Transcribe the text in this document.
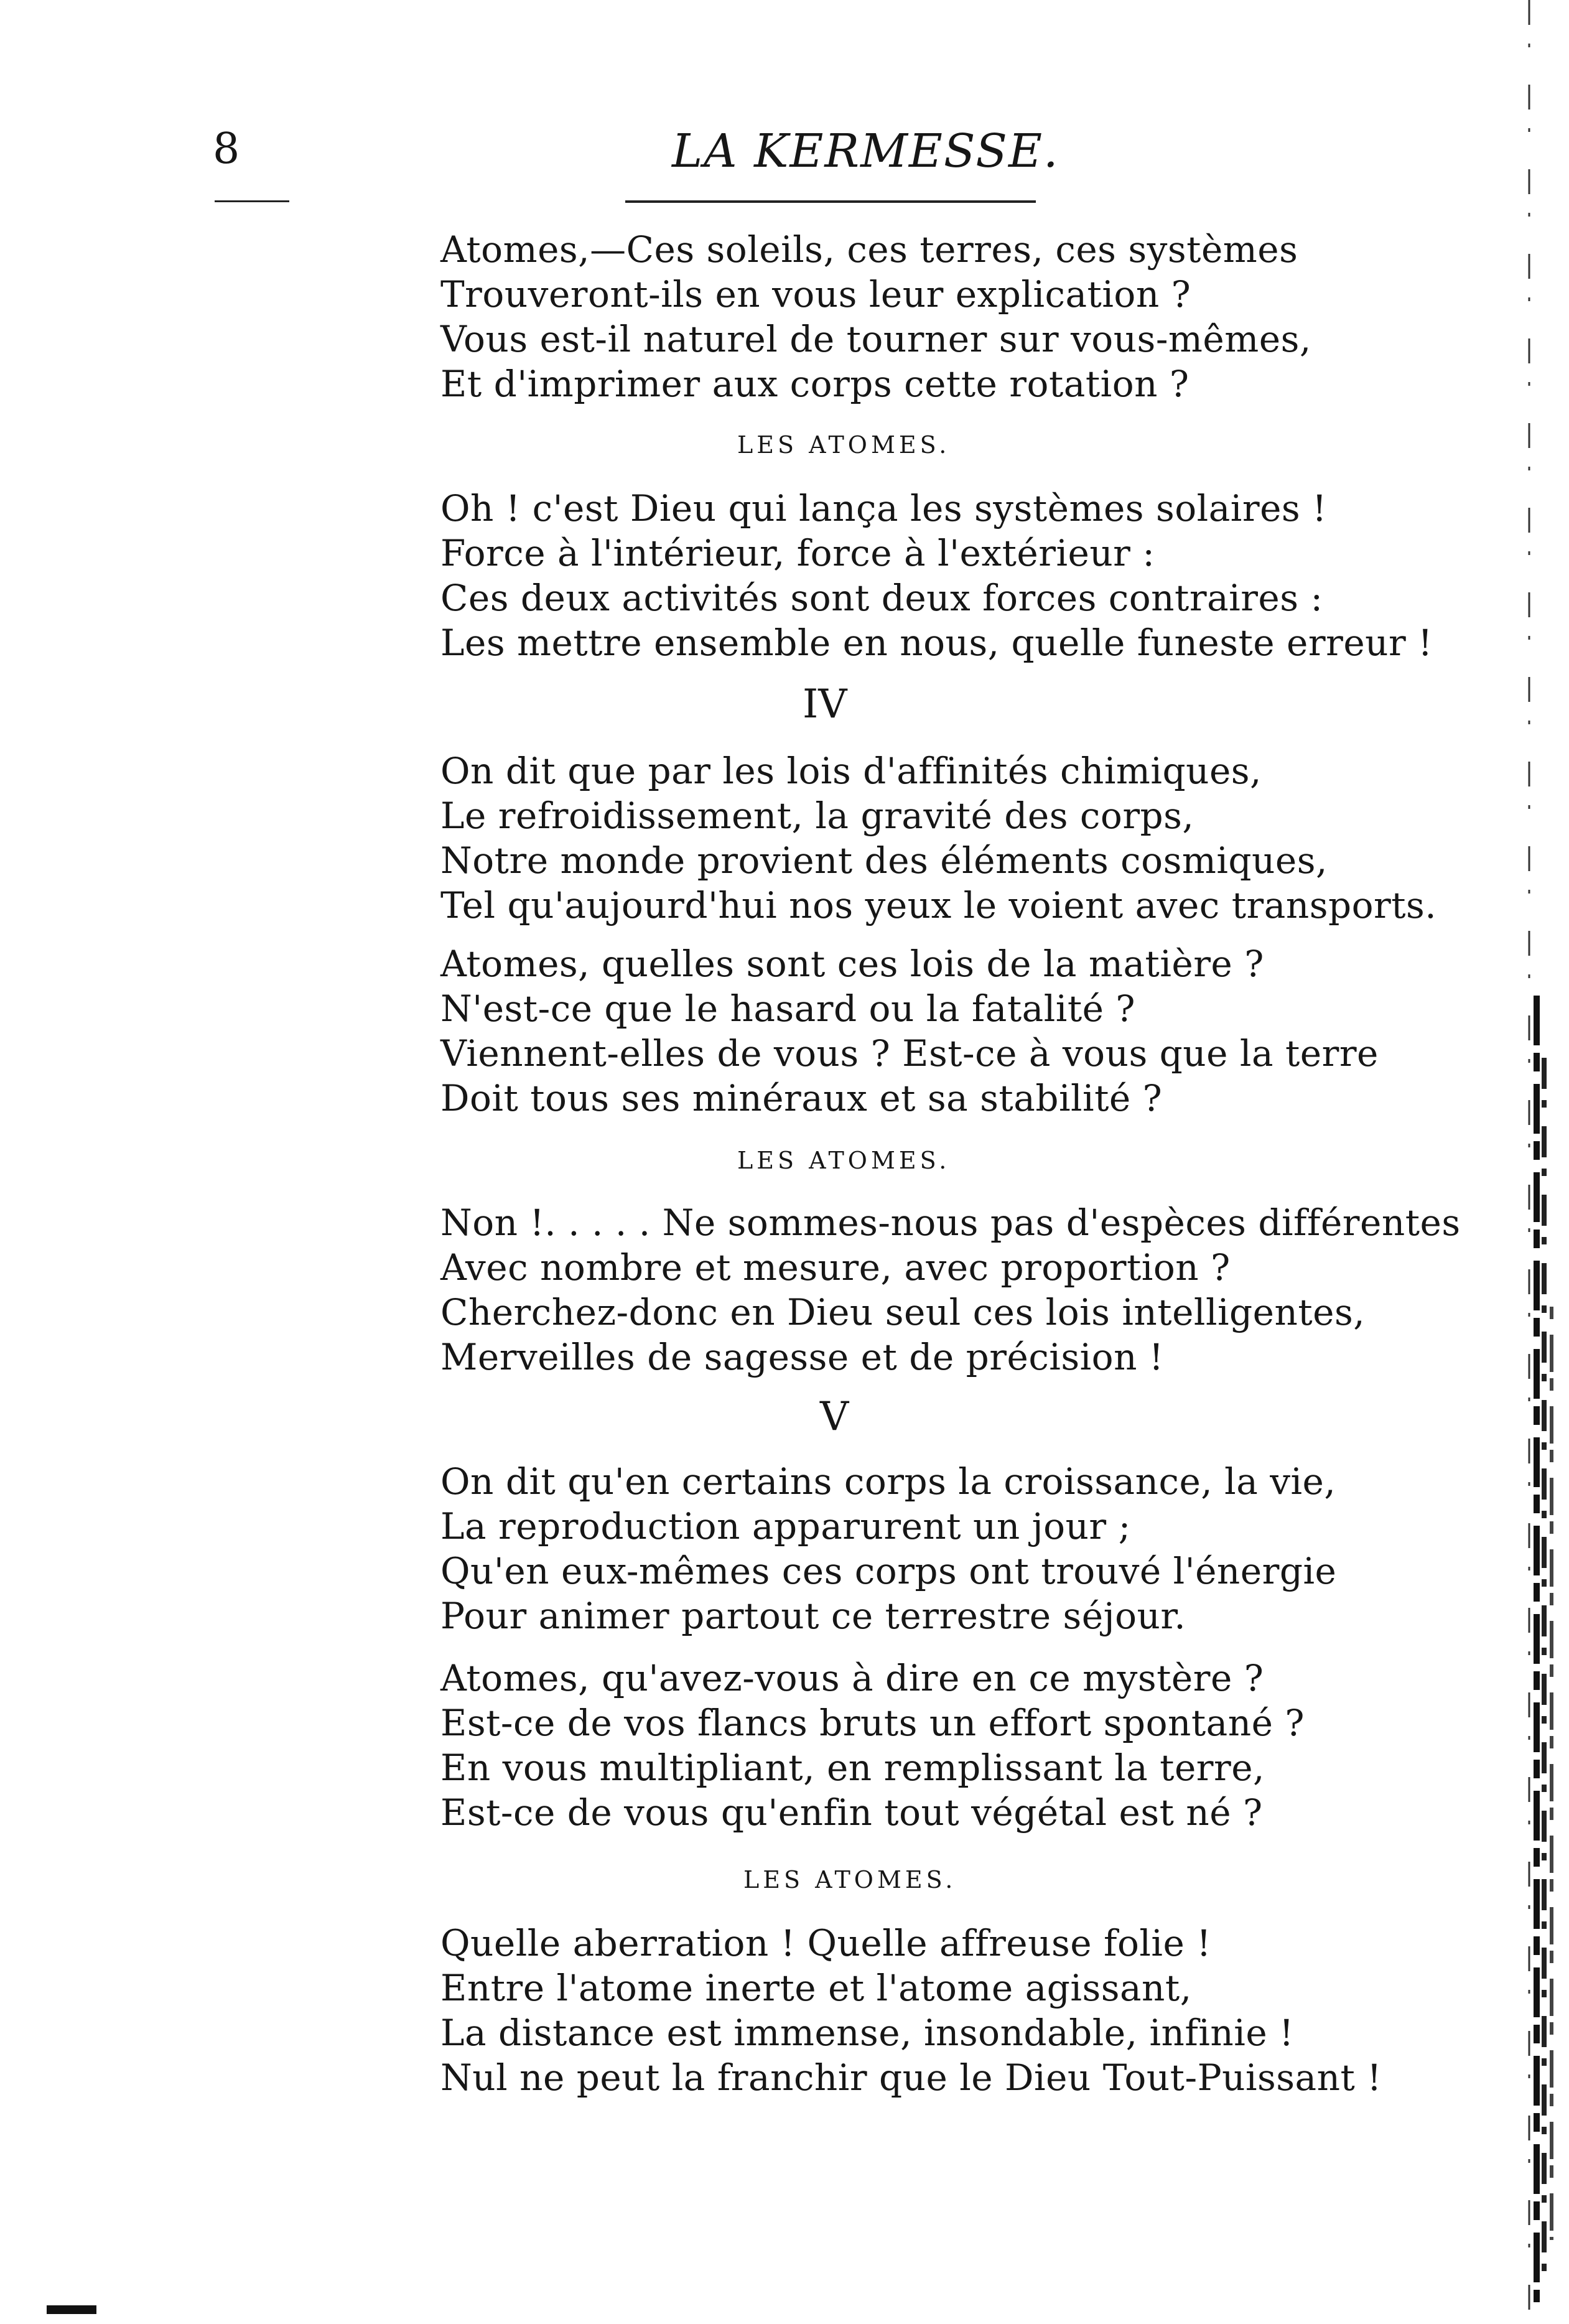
8	LA KERMESSE.
Atomes,—Ces soleils, ces terres, ces systèmes
Trouveront-ils en vous leur explication ?
Vous est-il naturel de tourner sur vous-mêmes,
Et d'imprimer aux corps cette rotation ?
LES ATOMES.
Oh ! c'est Dieu qui lança les systèmes solaires !
Force à l'intérieur, force à l'extérieur :
Ces deux activités sont deux forces contraires :
Les mettre ensemble en nous, quelle funeste erreur !
IV
On dit que par les lois d'affinités chimiques,
Le refroidissement, la gravité des corps,
Notre monde provient des éléments cosmiques,
Tel qu'aujourd'hui nos yeux le voient avec transports.
Atomes, quelles sont ces lois de la matière ?
N'est-ce que le hasard ou la fatalité ?
Viennent-elles de vous ? Est-ce à vous que la terre
Doit tous ses minéraux et sa stabilité ?
LES ATOMES.
Non !. . . . . Ne sommes-nous pas d'espèces différentes
Avec nombre et mesure, avec proportion ?
Cherchez-donc en Dieu seul ces lois intelligentes,
Merveilles de sagesse et de précision !
V
On dit qu'en certains corps la croissance, la vie,
La reproduction apparurent un jour ;
Qu'en eux-mêmes ces corps ont trouvé l'énergie
Pour animer partout ce terrestre séjour.
Atomes, qu'avez-vous à dire en ce mystère ?
Est-ce de vos flancs bruts un effort spontané ?
En vous multipliant, en remplissant la terre,
Est-ce de vous qu'enfin tout végétal est né ?
LES ATOMES.
Quelle aberration ! Quelle affreuse folie !
Entre l'atome inerte et l'atome agissant,
La distance est immense, insondable, infinie !
Nul ne peut la franchir que le Dieu Tout-Puissant !
